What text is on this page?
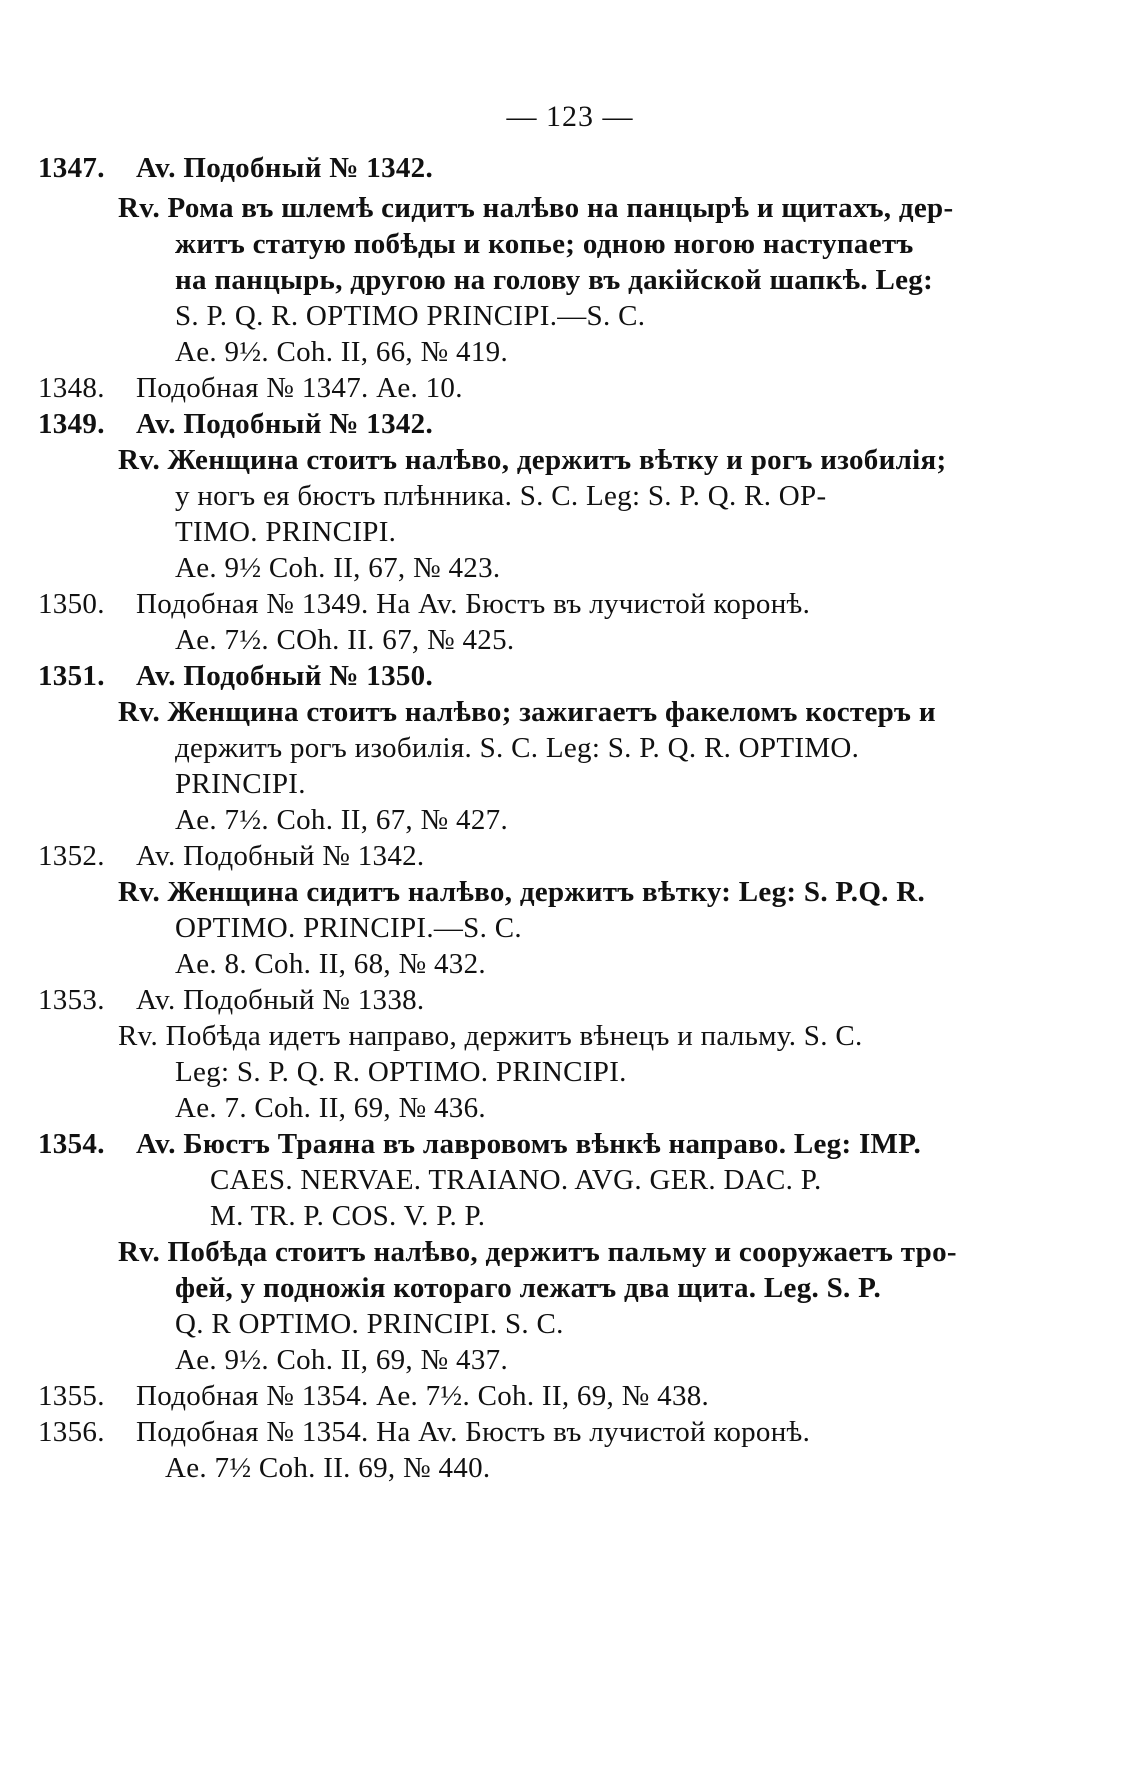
— 123 —
1347. Av. Подобный № 1342.
Rv. Рома въ шлемѣ сидитъ налѣво на панцырѣ и щитахъ, дер-
житъ статую побѣды и копье; одною ногою наступаетъ
на панцырь, другою на голову въ дакійской шапкѣ. Leg:
S. P. Q. R. OPTIMO PRINCIPI.—S. C.
Ae. 9½. Coh. II, 66, № 419.
1348. Подобная № 1347. Ae. 10.
1349. Av. Подобный № 1342.
Rv. Женщина стоитъ налѣво, держитъ вѣтку и рогъ изобилія;
у ногъ ея бюстъ плѣнника. S. C. Leg: S. P. Q. R. OP-
TIMO. PRINCIPI.
Ae. 9½ Coh. II, 67, № 423.
1350. Подобная № 1349. На Av. Бюстъ въ лучистой коронѣ.
Ae. 7½. COh. II. 67, № 425.
1351. Av. Подобный № 1350.
Rv. Женщина стоитъ налѣво; зажигаетъ факеломъ костеръ и
держитъ рогъ изобилія. S. C. Leg: S. P. Q. R. OPTIMO.
PRINCIPI.
Ae. 7½. Coh. II, 67, № 427.
1352. Av. Подобный № 1342.
Rv. Женщина сидитъ налѣво, держитъ вѣтку: Leg: S. P.Q. R.
OPTIMO. PRINCIPI.—S. C.
Ae. 8. Coh. II, 68, № 432.
1353. Av. Подобный № 1338.
Rv. Побѣда идетъ направо, держитъ вѣнецъ и пальму. S. C.
Leg: S. P. Q. R. OPTIMO. PRINCIPI.
Ae. 7. Coh. II, 69, № 436.
1354. Av. Бюстъ Траяна въ лавровомъ вѣнкѣ направо. Leg: IMP.
CAES. NERVAE. TRAIANO. AVG. GER. DAC. P.
M. TR. P. COS. V. P. P.
Rv. Побѣда стоитъ налѣво, держитъ пальму и сооружаетъ тро-
фей, у подножія котораго лежатъ два щита. Leg. S. P.
Q. R OPTIMO. PRINCIPI. S. C.
Ae. 9½. Coh. II, 69, № 437.
1355. Подобная № 1354. Ae. 7½. Coh. II, 69, № 438.
1356. Подобная № 1354. На Av. Бюстъ въ лучистой коронѣ.
Ae. 7½ Coh. II. 69, № 440.
